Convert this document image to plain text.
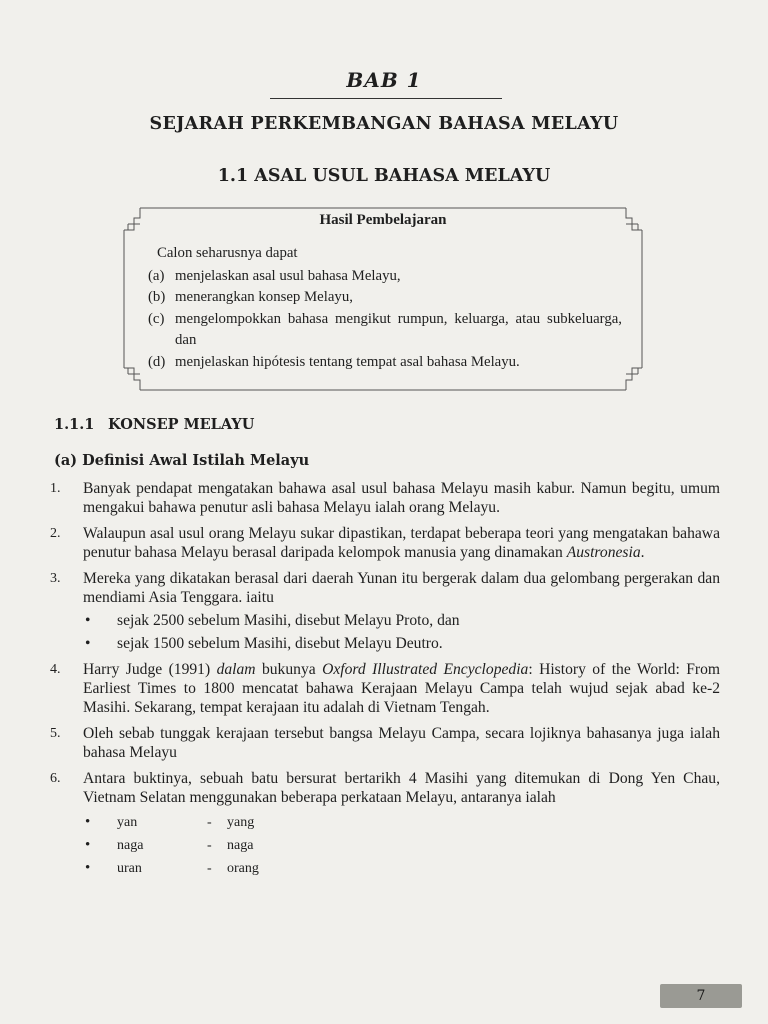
BAB 1
SEJARAH PERKEMBANGAN BAHASA MELAYU
1.1 ASAL USUL BAHASA MELAYU
Hasil Pembelajaran
Calon seharusnya dapat
(a) menjelaskan asal usul bahasa Melayu,
(b) menerangkan konsep Melayu,
(c) mengelompokkan bahasa mengikut rumpun, keluarga, atau subkeluarga, dan
(d) menjelaskan hipótesis tentang tempat asal bahasa Melayu.
1.1.1 KONSEP MELAYU
(a) Definisi Awal Istilah Melayu
1.	Banyak pendapat mengatakan bahawa asal usul bahasa Melayu masih kabur. Namun begitu, umum mengakui bahawa penutur asli bahasa Melayu ialah orang Melayu.
2.	Walaupun asal usul orang Melayu sukar dipastikan, terdapat beberapa teori yang mengatakan bahawa penutur bahasa Melayu berasal daripada kelompok manusia yang dinamakan Austronesia.
3.	Mereka yang dikatakan berasal dari daerah Yunan itu bergerak dalam dua gelombang pergerakan dan mendiami Asia Tenggara. iaitu
•	sejak 2500 sebelum Masihi, disebut Melayu Proto, dan
•	sejak 1500 sebelum Masihi, disebut Melayu Deutro.
4.	Harry Judge (1991) dalam bukunya Oxford Illustrated Encyclopedia: History of the World: From Earliest Times to 1800 mencatat bahawa Kerajaan Melayu Campa telah wujud sejak abad ke-2 Masihi. Sekarang, tempat kerajaan itu adalah di Vietnam Tengah.
5.	Oleh sebab tunggak kerajaan tersebut bangsa Melayu Campa, secara lojiknya bahasanya juga ialah bahasa Melayu
6.	Antara buktinya, sebuah batu bersurat bertarikh 4 Masihi yang ditemukan di Dong Yen Chau, Vietnam Selatan menggunakan beberapa perkataan Melayu, antaranya ialah
•	yan	-	yang
•	naga	-	naga
•	uran	-	orang
7
